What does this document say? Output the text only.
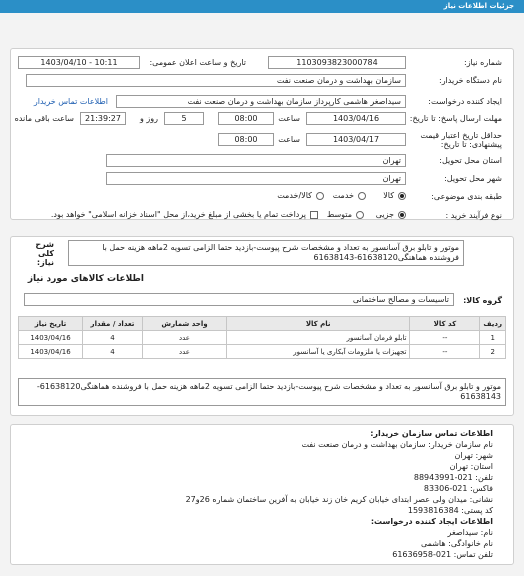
جزئیات اطلاعات نیاز
شماره نیاز:
1103093823000784
تاریخ و ساعت اعلان عمومی:
1403/04/10 - 10:11
نام دستگاه خریدار:
سازمان بهداشت و درمان صنعت نفت
ایجاد کننده درخواست:
سیداصغر هاشمی کارپرداز سازمان بهداشت و درمان صنعت نفت
اطلاعات تماس خریدار
مهلت ارسال پاسخ: تا تاریخ:
1403/04/16
ساعت
08:00
5
روز و
21:39:27
ساعت باقی مانده
حداقل تاریخ اعتبار قیمت پیشنهادی: تا تاریخ:
1403/04/17
ساعت
08:00
استان محل تحویل:
تهران
شهر محل تحویل:
تهران
طبقه بندی موضوعی:
کالا
خدمت
کالا/خدمت
نوع فرآیند خرید :
جزیی
متوسط
پرداخت تمام یا بخشی از مبلغ خرید،از محل "اسناد خزانه اسلامی" خواهد بود.
شرح کلی نیاز:
موتور و تابلو برق آسانسور به تعداد و مشخصات شرح پیوست-بازدید حتما الزامی تسویه 2ماهه هزینه حمل با فروشنده هماهنگی61638120-61638143
اطلاعات کالاهای مورد نیاز
گروه کالا:
تاسیسات و مصالح ساختمانی
ردیف	کد کالا	نام کالا	واحد شمارش	تعداد / مقدار	تاریخ نیاز
1	--	تابلو فرمان آسانسور	عدد	4	1403/04/16
2	--	تجهیزات یا ملزومات آبکاری یا آسانسور	عدد	4	1403/04/16
موتور و تابلو برق آسانسور به تعداد و مشخصات شرح پیوست-بازدید حتما الزامی تسویه 2ماهه هزینه حمل با فروشنده هماهنگی61638120-61638143
اطلاعات تماس سازمان خریدار:
نام سازمان خریدار: سازمان بهداشت و درمان صنعت نفت
شهر: تهران
استان: تهران
تلفن: 021-88943991
فاکس: 021-83306
نشانی: میدان ولی عصر ابتدای خیابان کریم خان زند خیابان به آفرین ساختمان شماره 26و27
کد پستی: 1593816384
اطلاعات ایجاد کننده درخواست:
نام: سیداصغر
نام خانوادگی: هاشمی
تلفن تماس: 021-61636958
